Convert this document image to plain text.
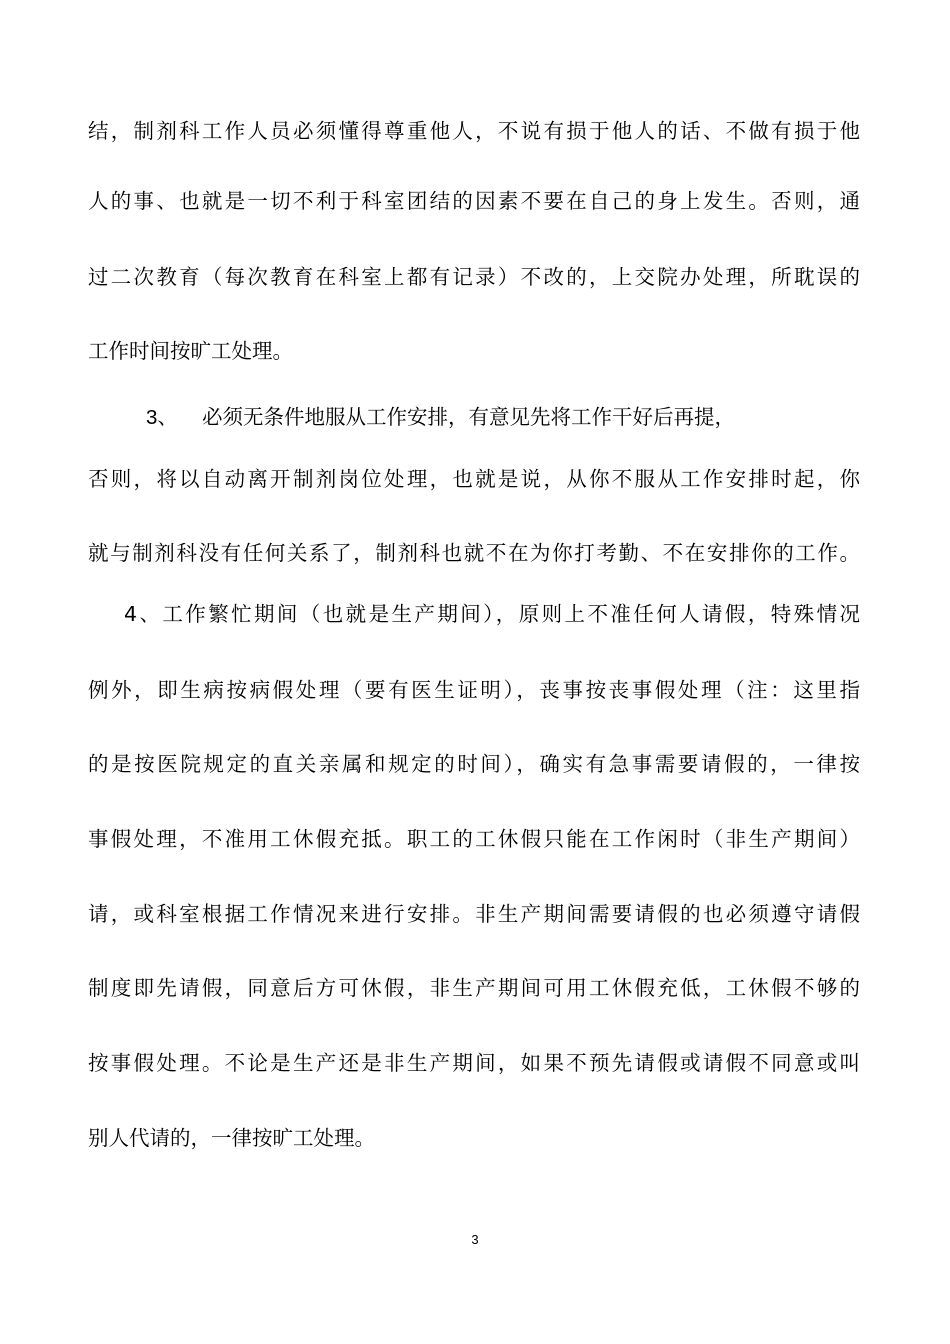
结，制剂科工作人员必须懂得尊重他人，不说有损于他人的话、不做有损于他
人的事、也就是一切不利于科室团结的因素不要在自己的身上发生。否则，通
过二次教育（每次教育在科室上都有记录）不改的，上交院办处理，所耽误的
工作时间按旷工处理。
3、 必须无条件地服从工作安排，有意见先将工作干好后再提，
否则，将以自动离开制剂岗位处理，也就是说，从你不服从工作安排时起，你
就与制剂科没有任何关系了，制剂科也就不在为你打考勤、不在安排你的工作。
4、工作繁忙期间（也就是生产期间），原则上不准任何人请假，特殊情况
例外，即生病按病假处理（要有医生证明），丧事按丧事假处理（注：这里指
的是按医院规定的直关亲属和规定的时间），确实有急事需要请假的，一律按
事假处理，不准用工休假充抵。职工的工休假只能在工作闲时（非生产期间）
请，或科室根据工作情况来进行安排。非生产期间需要请假的也必须遵守请假
制度即先请假，同意后方可休假，非生产期间可用工休假充低，工休假不够的
按事假处理。不论是生产还是非生产期间，如果不预先请假或请假不同意或叫
别人代请的，一律按旷工处理。
3
